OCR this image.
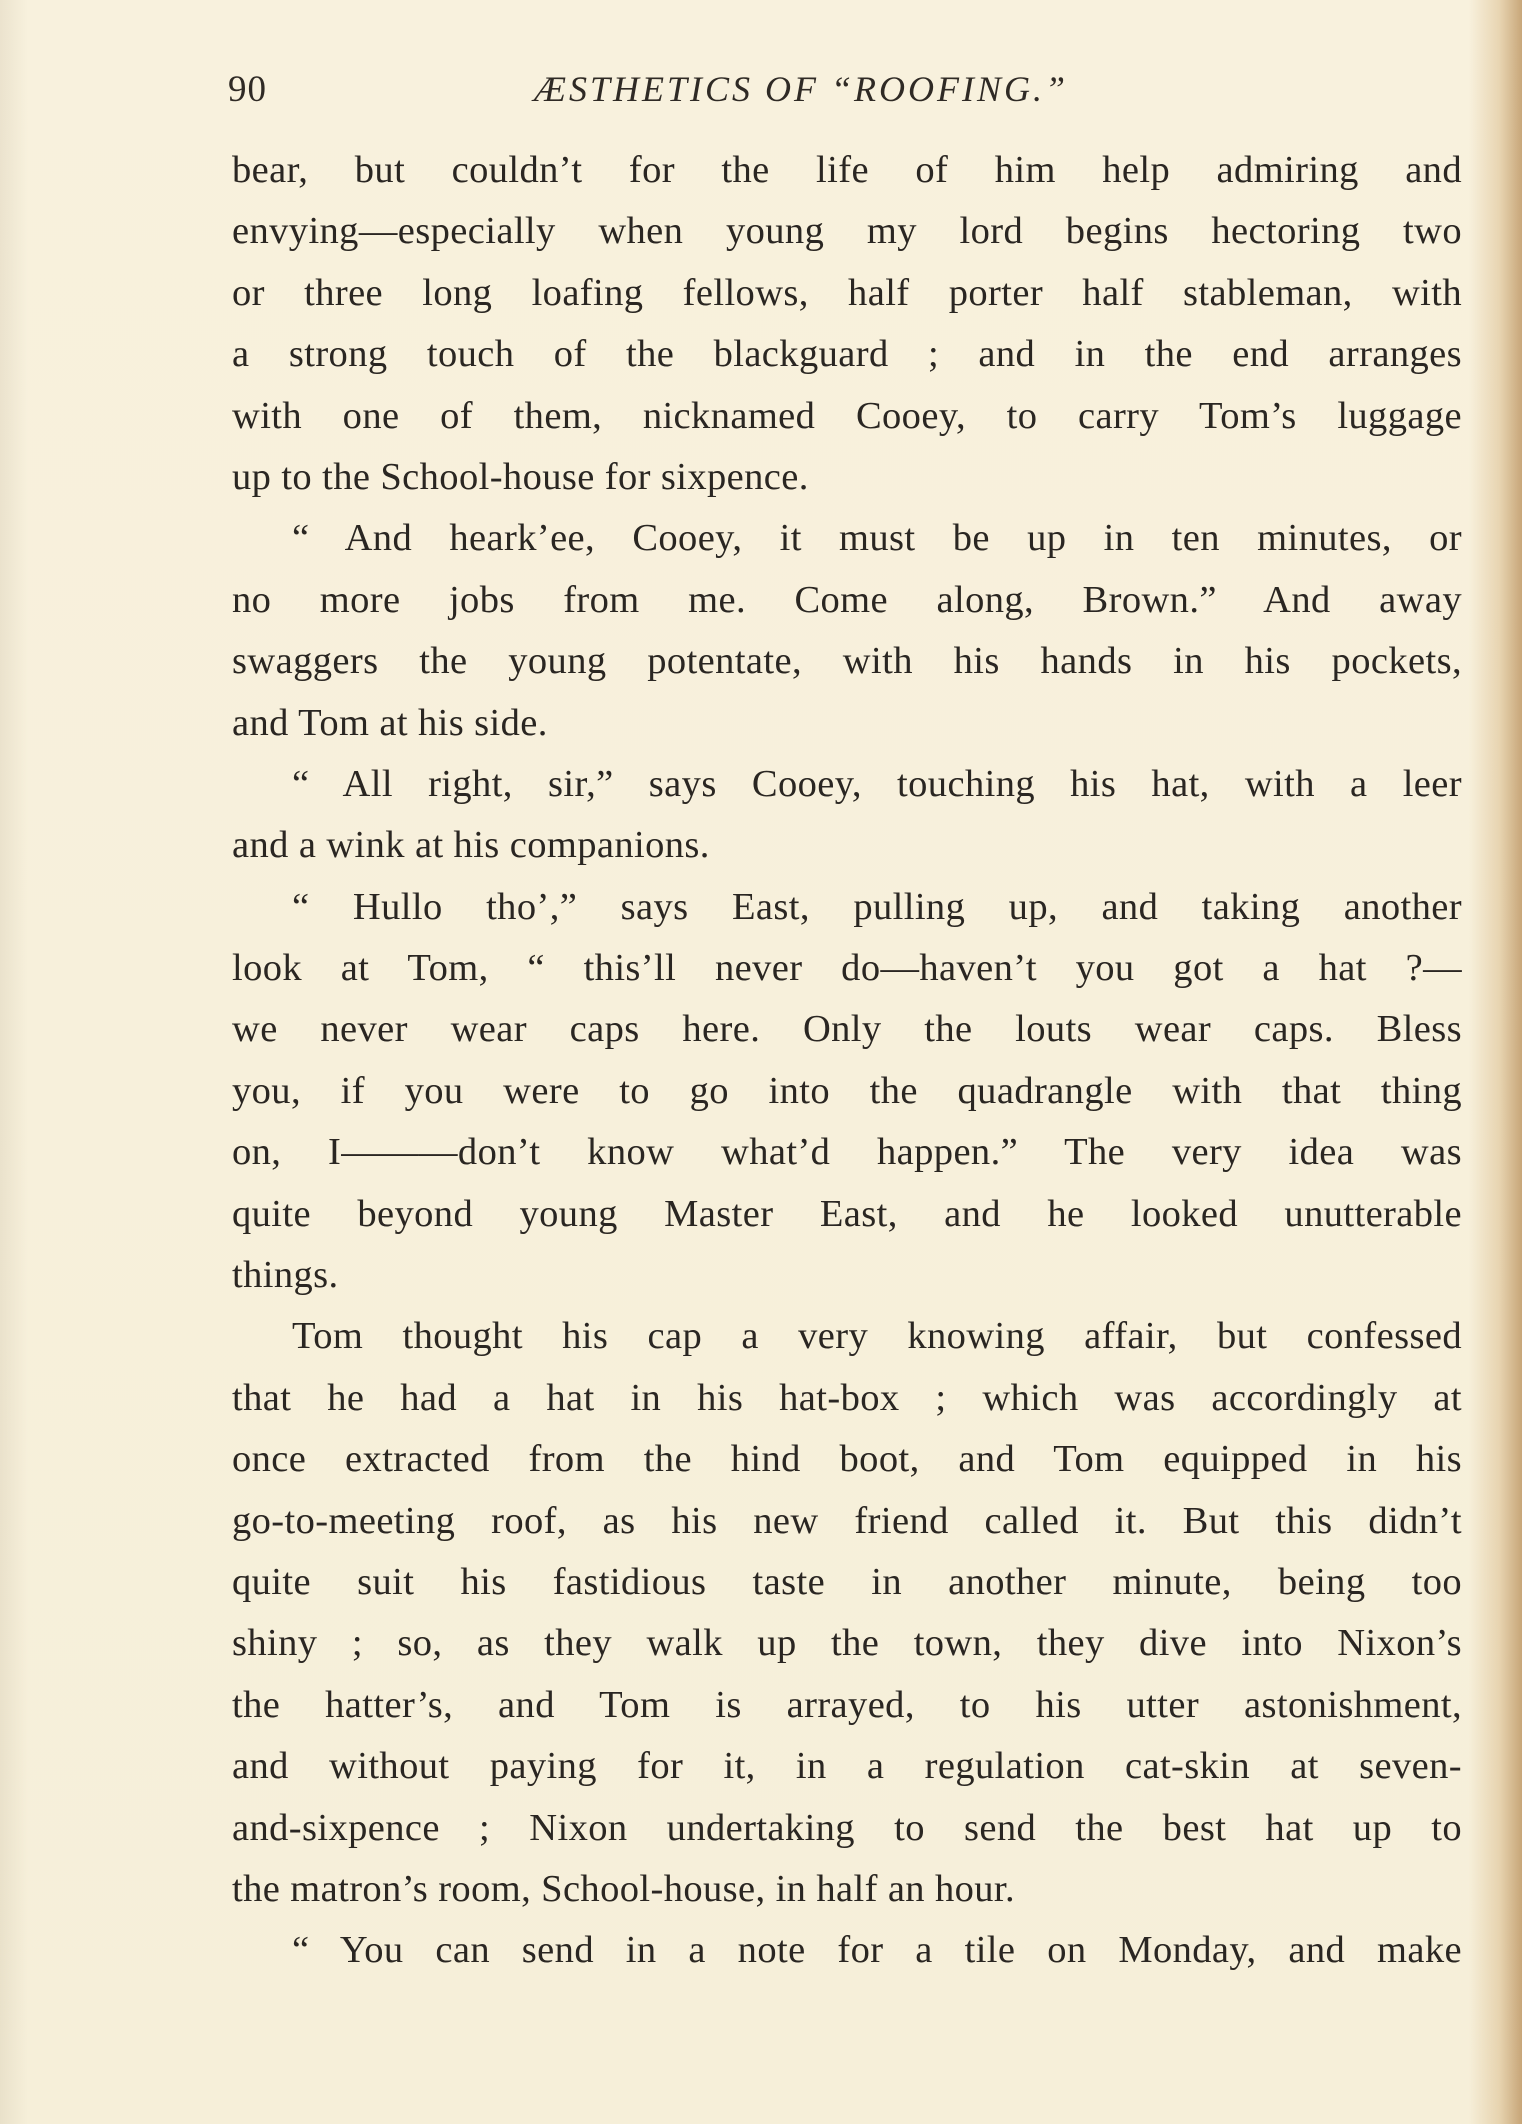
90	ÆSTHETICS OF “ROOFING.”
bear, but couldn’t for the life of him help admiring and
envying—especially when young my lord begins hectoring two
or three long loafing fellows, half porter half stableman, with
a strong touch of the blackguard ; and in the end arranges
with one of them, nicknamed Cooey, to carry Tom’s luggage
up to the School-house for sixpence.
“ And heark’ee, Cooey, it must be up in ten minutes, or
no more jobs from me. Come along, Brown.” And away
swaggers the young potentate, with his hands in his pockets,
and Tom at his side.
“ All right, sir,” says Cooey, touching his hat, with a leer
and a wink at his companions.
“ Hullo tho’,” says East, pulling up, and taking another
look at Tom, “ this’ll never do—haven’t you got a hat ?—
we never wear caps here. Only the louts wear caps. Bless
you, if you were to go into the quadrangle with that thing
on, I———don’t know what’d happen.” The very idea was
quite beyond young Master East, and he looked unutterable
things.
Tom thought his cap a very knowing affair, but confessed
that he had a hat in his hat-box ; which was accordingly at
once extracted from the hind boot, and Tom equipped in his
go-to-meeting roof, as his new friend called it. But this didn’t
quite suit his fastidious taste in another minute, being too
shiny ; so, as they walk up the town, they dive into Nixon’s
the hatter’s, and Tom is arrayed, to his utter astonishment,
and without paying for it, in a regulation cat-skin at seven-
and-sixpence ; Nixon undertaking to send the best hat up to
the matron’s room, School-house, in half an hour.
“ You can send in a note for a tile on Monday, and make
